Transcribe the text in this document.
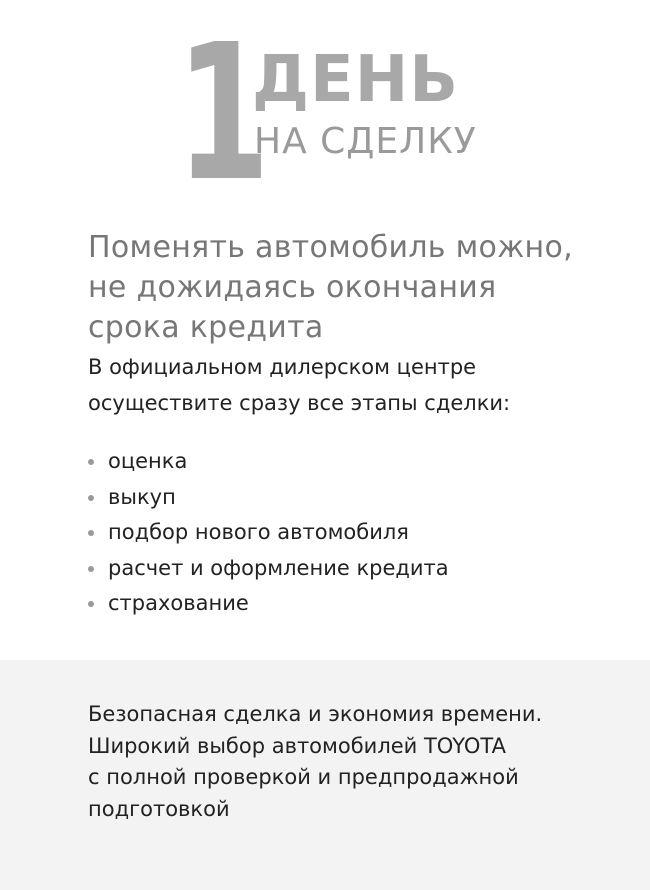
1
ДЕНЬ
НА СДЕЛКУ

Поменять автомобиль можно,
не дожидаясь окончания
срока кредита

В официальном дилерском центре
осуществите сразу все этапы сделки:

оценка
выкуп
подбор нового автомобиля
расчет и оформление кредита
страхование

Безопасная сделка и экономия времени.
Широкий выбор автомобилей TOYOTA
с полной проверкой и предпродажной
подготовкой
